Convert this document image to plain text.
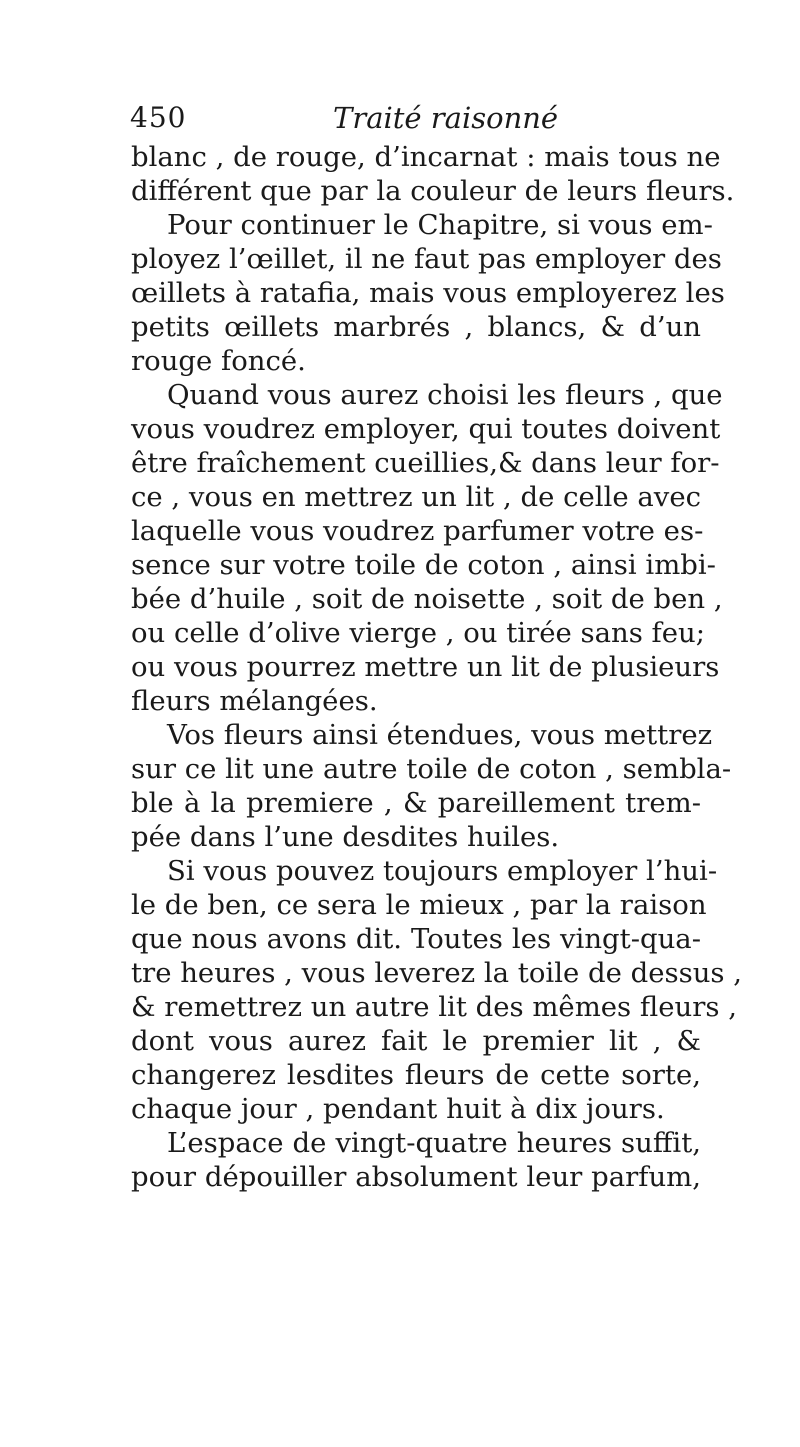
450	Traité raisonné
blanc , de rouge, d’incarnat : mais tous ne
différent que par la couleur de leurs fleurs.
Pour continuer le Chapitre, si vous em-
ployez l’œillet, il ne faut pas employer des
œillets à ratafia, mais vous employerez les
petits œillets marbrés , blancs, & d’un
rouge foncé.
Quand vous aurez choisi les fleurs , que
vous voudrez employer, qui toutes doivent
être fraîchement cueillies,& dans leur for-
ce , vous en mettrez un lit , de celle avec
laquelle vous voudrez parfumer votre es-
sence sur votre toile de coton , ainsi imbi-
bée d’huile , soit de noisette , soit de ben ,
ou celle d’olive vierge , ou tirée sans feu;
ou vous pourrez mettre un lit de plusieurs
fleurs mélangées.
Vos fleurs ainsi étendues, vous mettrez
sur ce lit une autre toile de coton , sembla-
ble à la premiere , & pareillement trem-
pée dans l’une desdites huiles.
Si vous pouvez toujours employer l’hui-
le de ben, ce sera le mieux , par la raison
que nous avons dit. Toutes les vingt-qua-
tre heures , vous leverez la toile de dessus ,
& remettrez un autre lit des mêmes fleurs ,
dont vous aurez fait le premier lit , &
changerez lesdites fleurs de cette sorte,
chaque jour , pendant huit à dix jours.
L’espace de vingt-quatre heures suffit,
pour dépouiller absolument leur parfum,
